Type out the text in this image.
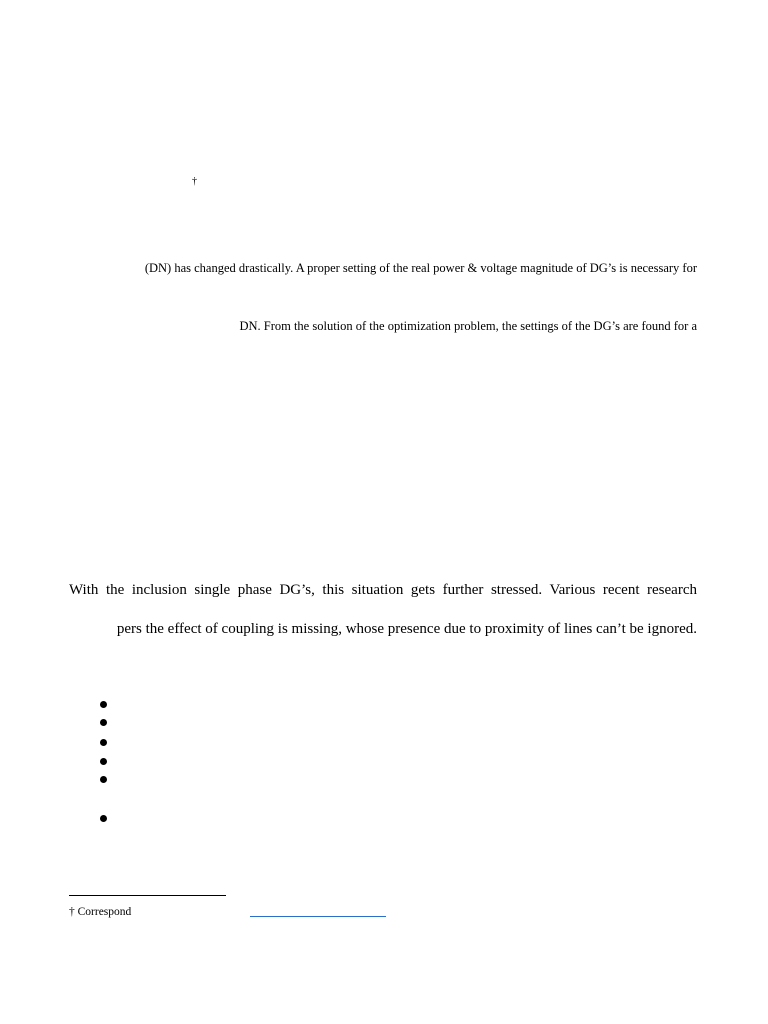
†
(DN) has changed drastically. A proper setting of the real power & voltage magnitude of DG’s is necessary for
DN. From the solution of the optimization problem, the settings of the DG’s are found for a
With the inclusion single phase DG’s, this situation gets further stressed. Various recent research
pers the effect of coupling is missing, whose presence due to proximity of lines can’t be ignored.
† Correspond
